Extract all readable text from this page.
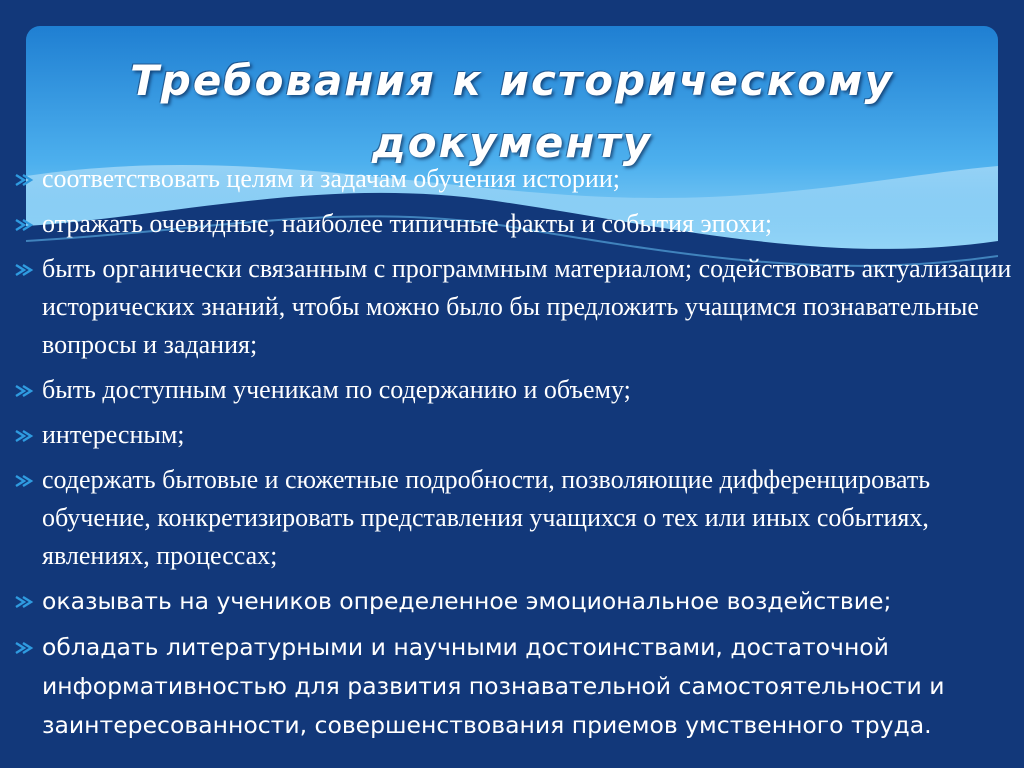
Требования к историческому документу
соответствовать целям и задачам обучения истории;
отражать очевидные, наиболее типичные факты и события эпохи;
быть органически связанным с программным материалом; содействовать актуализации исторических знаний, чтобы можно было бы предложить учащимся познавательные вопросы и задания;
быть доступным ученикам по содержанию и объему;
интересным;
содержать бытовые и сюжетные подробности, позволяющие дифференцировать обучение, конкретизировать представления учащихся о тех или иных событиях, явлениях, процессах;
оказывать на учеников определенное эмоциональное воздействие;
обладать литературными и научными достоинствами, достаточной информативностью для развития познавательной самостоятельности и заинтересованности, совершенствования приемов умственного труда.
